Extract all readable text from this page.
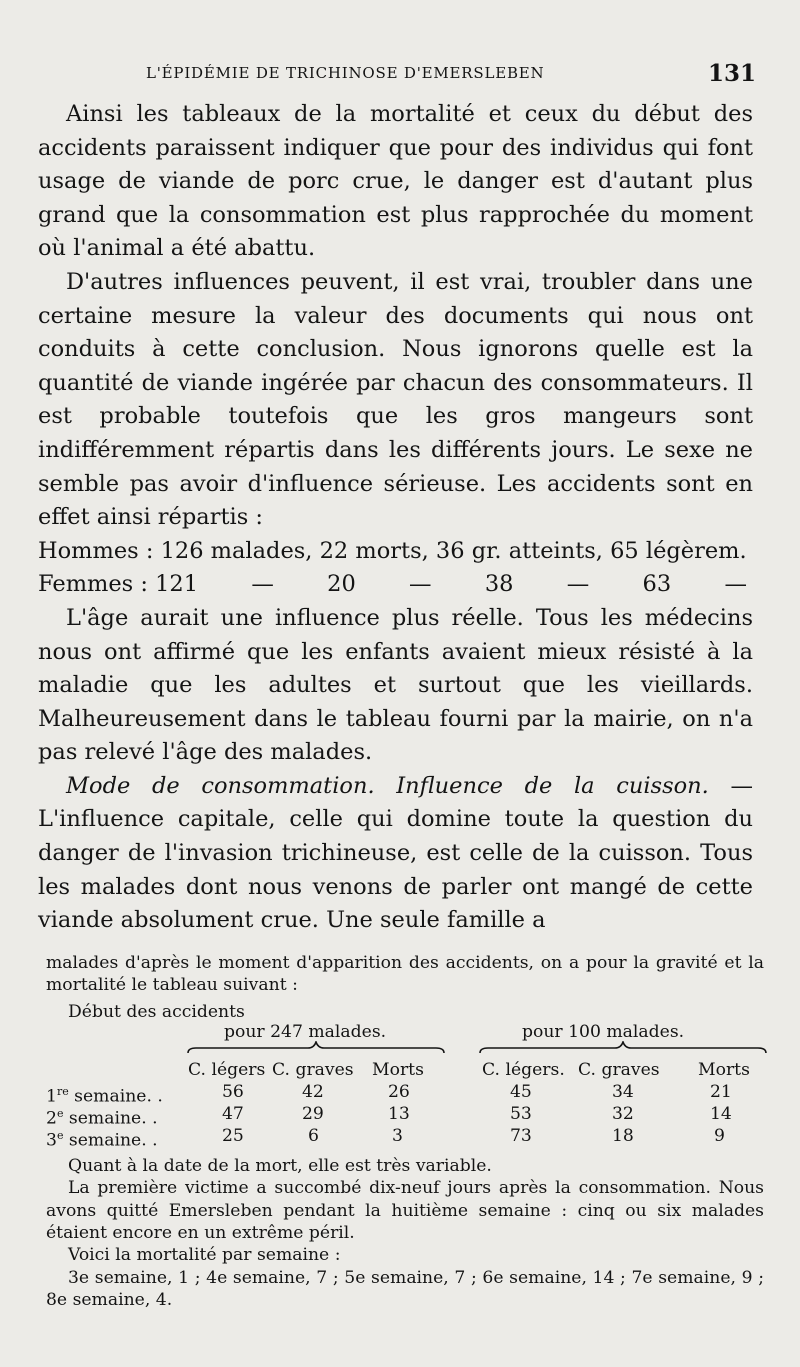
L'ÉPIDÉMIE DE TRICHINOSE D'EMERSLEBEN	131

Ainsi les tableaux de la mortalité et ceux du début des accidents paraissent indiquer que pour des individus qui font usage de viande de porc crue, le danger est d'autant plus grand que la consommation est plus rapprochée du moment où l'animal a été abattu.

D'autres influences peuvent, il est vrai, troubler dans une certaine mesure la valeur des documents qui nous ont conduits à cette conclusion. Nous ignorons quelle est la quantité de viande ingérée par chacun des consommateurs. Il est probable toutefois que les gros mangeurs sont indifféremment répartis dans les différents jours. Le sexe ne semble pas avoir d'influence sérieuse. Les accidents sont en effet ainsi répartis :

Hommes : 126 malades, 22 morts, 36 gr. atteints, 65 légèrem.
Femmes : 121 — 20 — 38 — 63 —

L'âge aurait une influence plus réelle. Tous les médecins nous ont affirmé que les enfants avaient mieux résisté à la maladie que les adultes et surtout que les vieillards. Malheureusement dans le tableau fourni par la mairie, on n'a pas relevé l'âge des malades.

Mode de consommation. Influence de la cuisson. — L'influence capitale, celle qui domine toute la question du danger de l'invasion trichineuse, est celle de la cuisson. Tous les malades dont nous venons de parler ont mangé de cette viande absolument crue. Une seule famille a

malades d'après le moment d'apparition des accidents, on a pour la gravité et la mortalité le tableau suivant :

Début des accidents
pour 247 malades.	pour 100 malades.
C. légers C. graves Morts	C. légers. C. graves Morts
1re semaine. .	56	42	26	45	34	21
2e semaine. .	47	29	13	53	32	14
3e semaine. .	25	6	3	73	18	9

Quant à la date de la mort, elle est très variable.

La première victime a succombé dix-neuf jours après la consommation. Nous avons quitté Emersleben pendant la huitième semaine : cinq ou six malades étaient encore en un extrême péril.

Voici la mortalité par semaine :

3e semaine, 1 ; 4e semaine, 7 ; 5e semaine, 7 ; 6e semaine, 14 ; 7e semaine, 9 ; 8e semaine, 4.
